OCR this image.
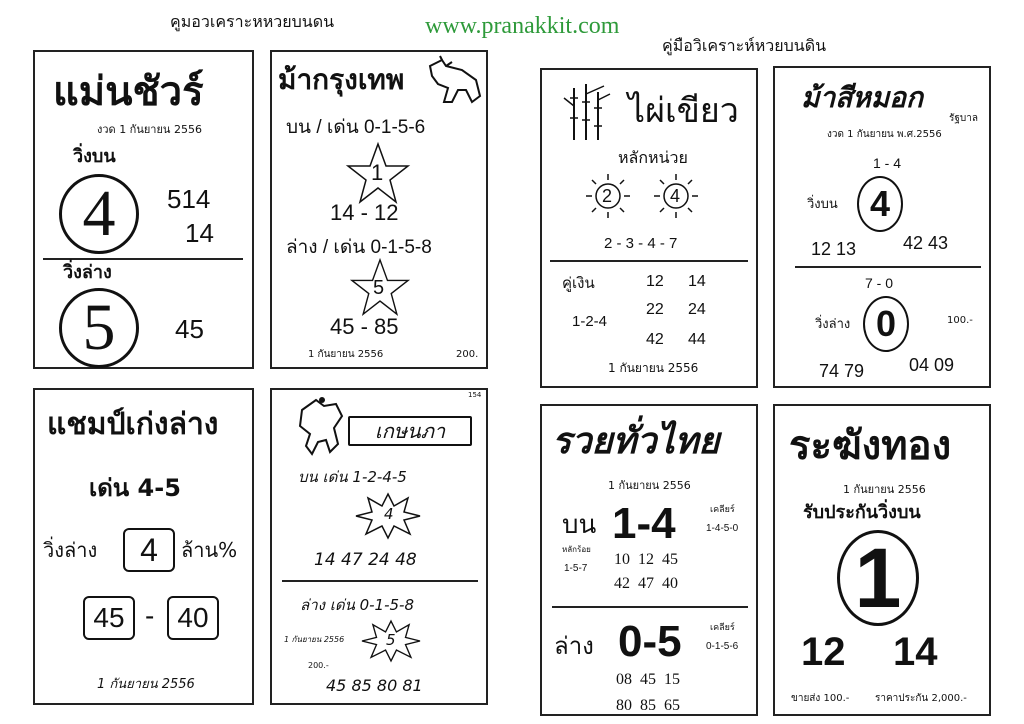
คูมอวเคราะหหวยบนดน	www.pranakkit.com
คู่มือวิเคราะห์หวยบนดิน
แม่นชัวร์
งวด 1 กันยายน 2556
วิ่งบน
4 514
14
วิ่งล่าง
5 45
ม้ากรุงเทพ
บน / เด่น 0-1-5-6
1
14 - 12
ล่าง / เด่น 0-1-5-8
5
45 - 85
1 กันยายน 2556	200.
ไผ่เขียว
หลักหน่วย
2	4
2 - 3 - 4 - 7
คู่เงิน
1-2-4
12 14
22 24
42 44
1 กันยายน 2556
ม้าสีหมอก
รัฐบาล
งวด 1 กันยายน พ.ศ.2556
1 - 4
วิ่งบน 4
12 13	42 43
7 - 0
วิ่งล่าง 0	100.-
74 79 04 09
แชมป์เก่งล่าง
เด่น 4-5
วิ่งล่าง 4 ล้าน%
45 - 40
1 กันยายน 2556
เกษนภา
154
บน เด่น 1-2-4-5
4
14 47 24 48
ล่าง เด่น 0-1-5-8
1 กันยายน 2556
200.-
5
45 85 80 81
รวยทั่วไทย
1 กันยายน 2556
บน 1-4	เคลียร์
1-4-5-0
หลักร้อย
1-5-7
10  12  45
42  47  40
ล่าง 0-5	เคลียร์
0-1-5-6
08  45  15
80  85  65
ระฆังทอง
1 กันยายน 2556
รับประกันวิ่งบน
1
12 14
ขายส่ง 100.-	ราคาประกัน 2,000.-
